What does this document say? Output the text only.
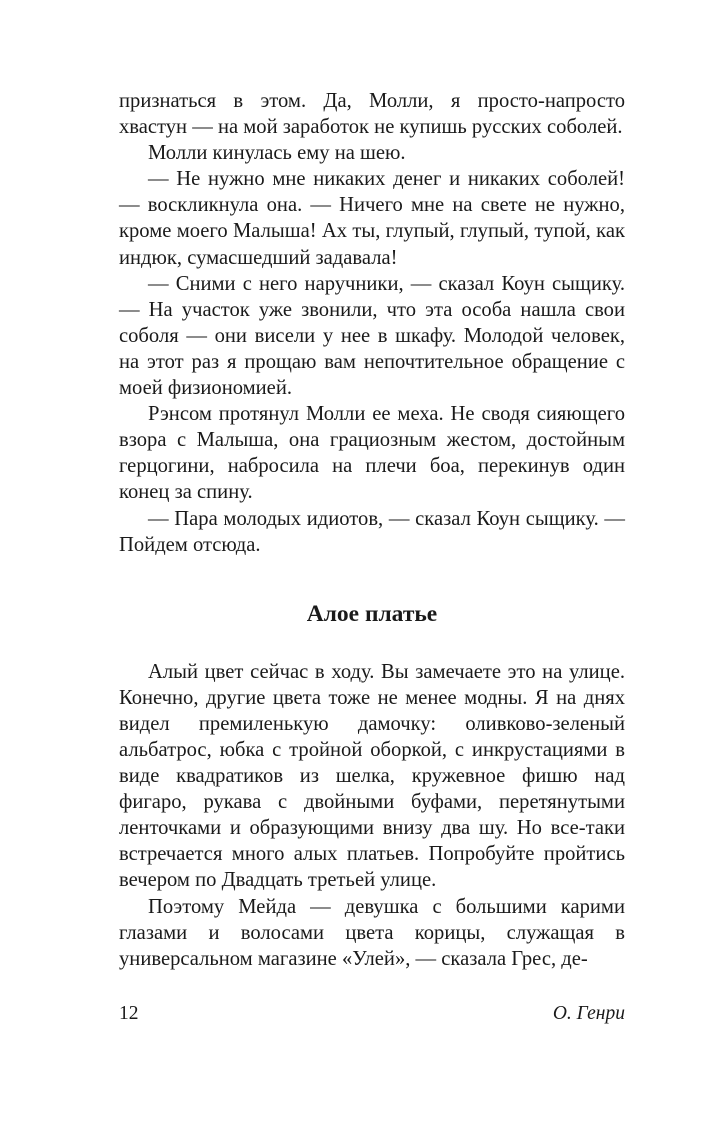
признаться в этом. Да, Молли, я просто-напросто хвастун — на мой заработок не купишь русских соболей.

Молли кинулась ему на шею.

— Не нужно мне никаких денег и никаких соболей! — воскликнула она. — Ничего мне на свете не нужно, кроме моего Малыша! Ах ты, глупый, глупый, тупой, как индюк, сумасшедший задавала!

— Сними с него наручники, — сказал Коун сыщику. — На участок уже звонили, что эта особа нашла свои соболя — они висели у нее в шкафу. Молодой человек, на этот раз я прощаю вам непочтительное обращение с моей физиономией.

Рэнсом протянул Молли ее меха. Не сводя сияющего взора с Малыша, она грациозным жестом, достойным герцогини, набросила на плечи боа, перекинув один конец за спину.

— Пара молодых идиотов, — сказал Коун сыщику. — Пойдем отсюда.

Алое платье

Алый цвет сейчас в ходу. Вы замечаете это на улице. Конечно, другие цвета тоже не менее модны. Я на днях видел премиленькую дамочку: оливково-зеленый альбатрос, юбка с тройной оборкой, с инкрустациями в виде квадратиков из шелка, кружевное фишю над фигаро, рукава с двойными буфами, перетянутыми ленточками и образующими внизу два шу. Но все-таки встречается много алых платьев. Попробуйте пройтись вечером по Двадцать третьей улице.

Поэтому Мейда — девушка с большими карими глазами и волосами цвета корицы, служащая в универсальном магазине «Улей», — сказала Грес, де-

12	О. Генри
